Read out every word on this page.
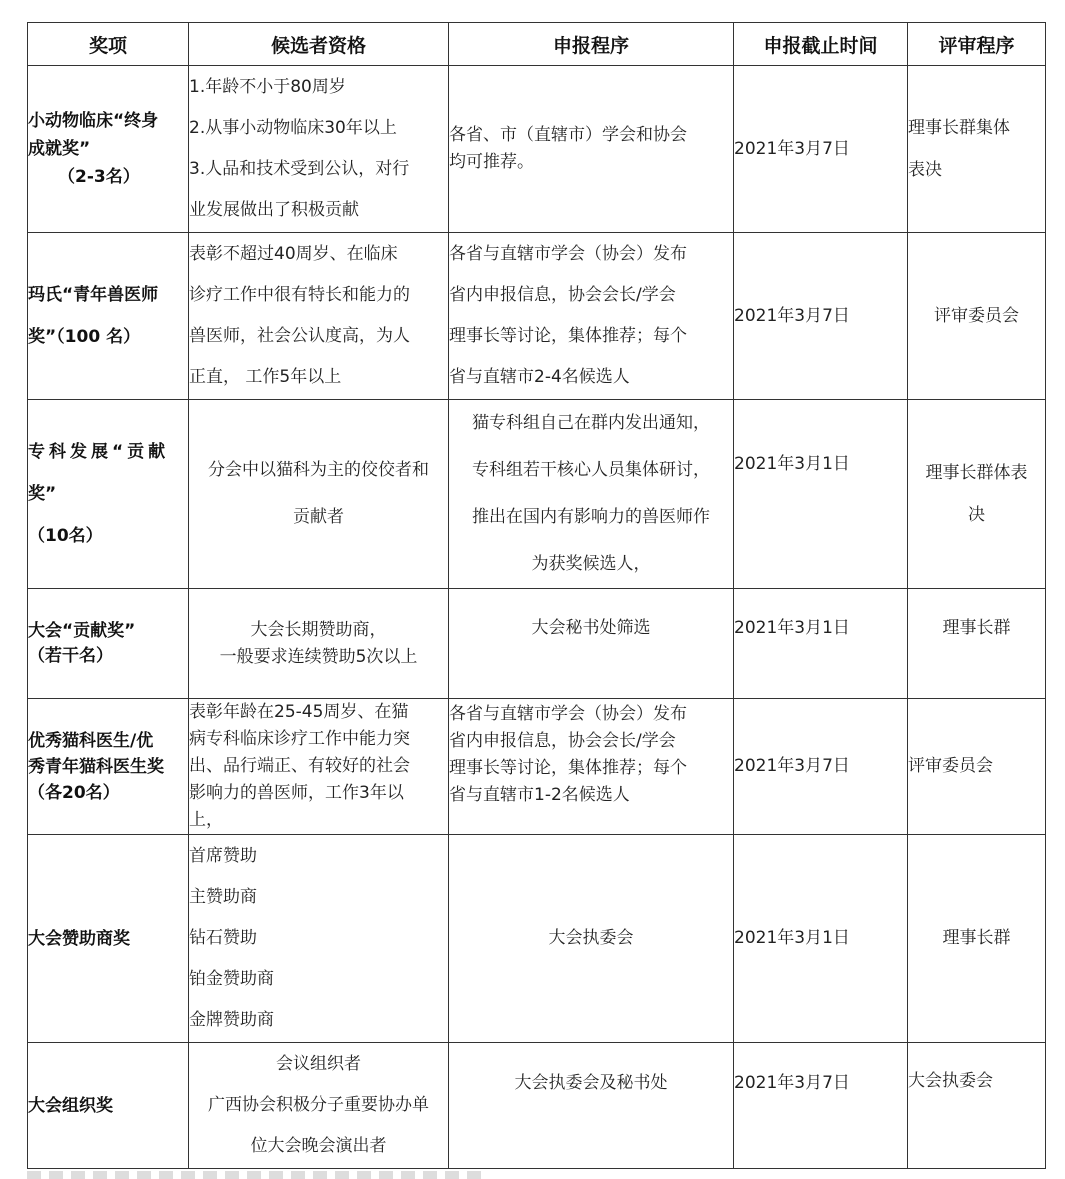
奖项	候选者资格	申报程序	申报截止时间	评审程序

小动物临床“终身
成就奖”
（2-3名）	1.年龄不小于80周岁
2.从事小动物临床30年以上
3.人品和技术受到公认，对行
业发展做出了积极贡献	各省、市（直辖市）学会和协会
均可推荐。	2021年3月7日	理事长群集体
表决

玛氏“青年兽医师
奖”（100 名）	表彰不超过40周岁、在临床
诊疗工作中很有特长和能力的
兽医师，社会公认度高，为人
正直， 工作5年以上	各省与直辖市学会（协会）发布
省内申报信息，协会会长/学会
理事长等讨论，集体推荐；每个
省与直辖市2-4名候选人	2021年3月7日	评审委员会

专科发展“贡献
奖”
（10名）	分会中以猫科为主的佼佼者和
贡献者	猫专科组自己在群内发出通知，
专科组若干核心人员集体研讨，
推出在国内有影响力的兽医师作
为获奖候选人，	2021年3月1日	理事长群体表
决

大会“贡献奖”
（若干名）	大会长期赞助商，
一般要求连续赞助5次以上	大会秘书处筛选	2021年3月1日	理事长群

优秀猫科医生/优
秀青年猫科医生奖
（各20名）	表彰年龄在25-45周岁、在猫
病专科临床诊疗工作中能力突
出、品行端正、有较好的社会
影响力的兽医师，工作3年以
上，	各省与直辖市学会（协会）发布
省内申报信息，协会会长/学会
理事长等讨论，集体推荐；每个
省与直辖市1-2名候选人	2021年3月7日	评审委员会

大会赞助商奖	首席赞助
主赞助商
钻石赞助
铂金赞助商
金牌赞助商	大会执委会	2021年3月1日	理事长群

大会组织奖	会议组织者
广西协会积极分子重要协办单
位大会晚会演出者	大会执委会及秘书处	2021年3月7日	大会执委会
